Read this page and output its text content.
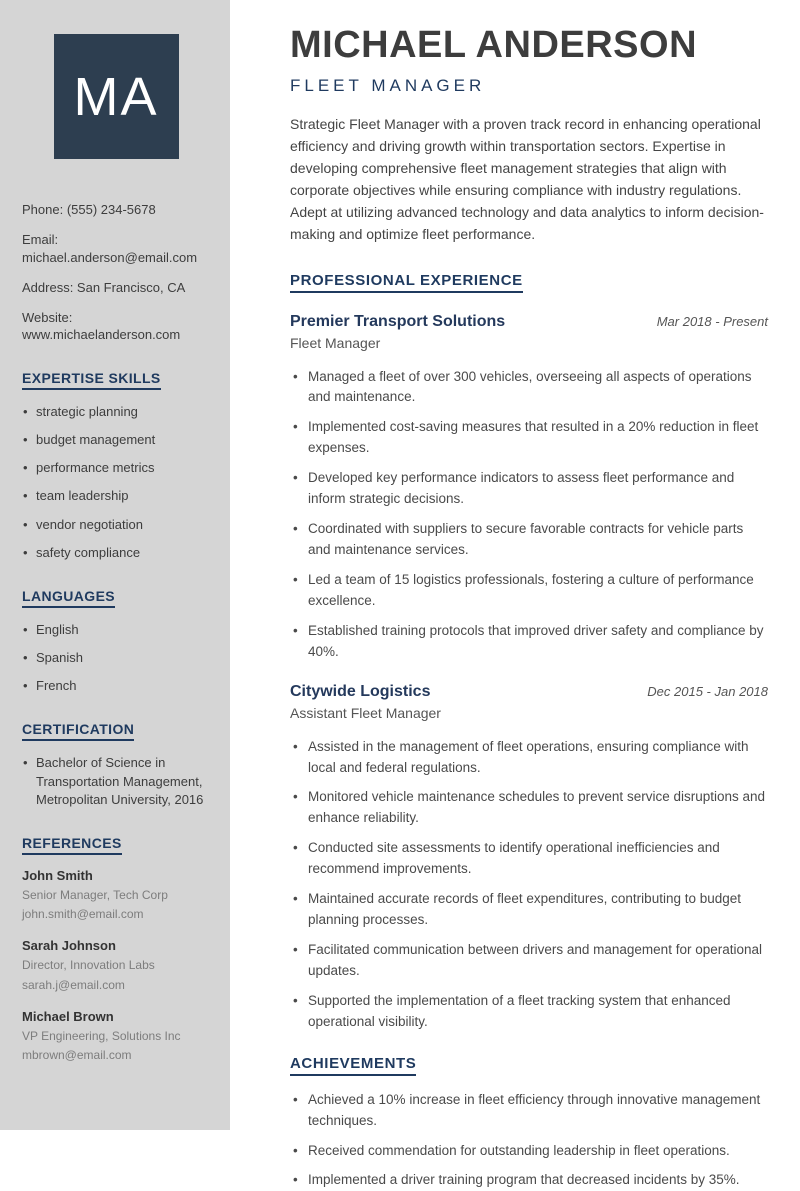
MA

Phone: (555) 234-5678

Email: michael.anderson@email.com

Address: San Francisco, CA

Website: www.michaelanderson.com

EXPERTISE SKILLS
• strategic planning
• budget management
• performance metrics
• team leadership
• vendor negotiation
• safety compliance
LANGUAGES
• English
• Spanish
• French
CERTIFICATION
• Bachelor of Science in Transportation Management, Metropolitan University, 2016
REFERENCES

John Smith

Senior Manager, Tech Corp

john.smith@email.com

Sarah Johnson

Director, Innovation Labs

sarah.j@email.com

Michael Brown

VP Engineering, Solutions Inc

mbrown@email.com

MICHAEL ANDERSON
FLEET MANAGER

Strategic Fleet Manager with a proven track record in enhancing operational efficiency and driving growth within transportation sectors. Expertise in developing comprehensive fleet management strategies that align with corporate objectives while ensuring compliance with industry regulations. Adept at utilizing advanced technology and data analytics to inform decision-making and optimize fleet performance.

PROFESSIONAL EXPERIENCE
Premier Transport Solutions	Mar 2018 - Present
Fleet Manager
• Managed a fleet of over 300 vehicles, overseeing all aspects of operations and maintenance.
• Implemented cost-saving measures that resulted in a 20% reduction in fleet expenses.
• Developed key performance indicators to assess fleet performance and inform strategic decisions.
• Coordinated with suppliers to secure favorable contracts for vehicle parts and maintenance services.
• Led a team of 15 logistics professionals, fostering a culture of performance excellence.
• Established training protocols that improved driver safety and compliance by 40%.
Citywide Logistics	Dec 2015 - Jan 2018
Assistant Fleet Manager
• Assisted in the management of fleet operations, ensuring compliance with local and federal regulations.
• Monitored vehicle maintenance schedules to prevent service disruptions and enhance reliability.
• Conducted site assessments to identify operational inefficiencies and recommend improvements.
• Maintained accurate records of fleet expenditures, contributing to budget planning processes.
• Facilitated communication between drivers and management for operational updates.
• Supported the implementation of a fleet tracking system that enhanced operational visibility.
ACHIEVEMENTS
• Achieved a 10% increase in fleet efficiency through innovative management techniques.
• Received commendation for outstanding leadership in fleet operations.
• Implemented a driver training program that decreased incidents by 35%.
